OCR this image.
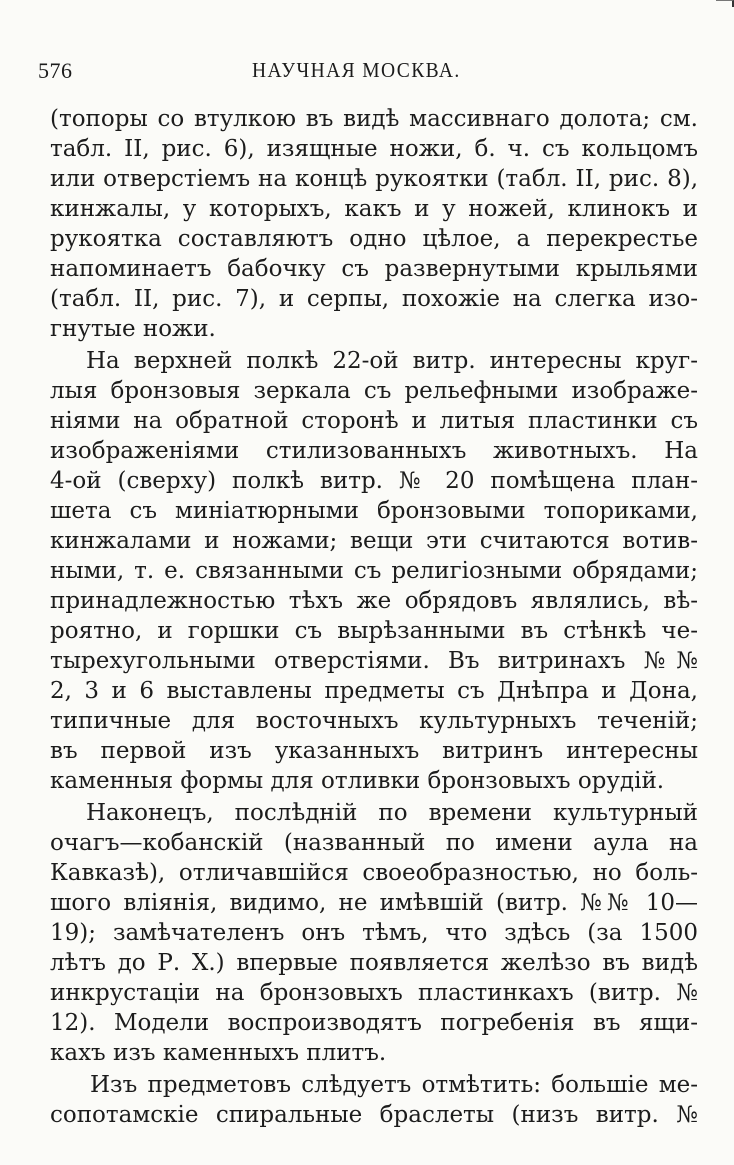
576	НАУЧНАЯ МОСКВА.
(топоры со втулкою въ видѣ массивнаго долота; см.
табл. II, рис. 6), изящные ножи, б. ч. съ кольцомъ
или отверстіемъ на концѣ рукоятки (табл. II, рис. 8),
кинжалы, у которыхъ, какъ и у ножей, клинокъ и
рукоятка составляютъ одно цѣлое, а перекрестье
напоминаетъ бабочку съ развернутыми крыльями
(табл. II, рис. 7), и серпы, похожіе на слегка изо-
гнутые ножи.
На верхней полкѣ 22-ой витр. интересны круг-
лыя бронзовыя зеркала съ рельефными изображе-
ніями на обратной сторонѣ и литыя пластинки съ
изображеніями стилизованныхъ животныхъ. На
4-ой (сверху) полкѣ витр. № 20 помѣщена план-
шета съ миніатюрными бронзовыми топориками,
кинжалами и ножами; вещи эти считаются вотив-
ными, т. е. связанными съ религіозными обрядами;
принадлежностью тѣхъ же обрядовъ являлись, вѣ-
роятно, и горшки съ вырѣзанными въ стѣнкѣ че-
тырехугольными отверстіями. Въ витринахъ №№
2, 3 и 6 выставлены предметы съ Днѣпра и Дона,
типичные для восточныхъ культурныхъ теченій;
въ первой изъ указанныхъ витринъ интересны
каменныя формы для отливки бронзовыхъ орудій.
Наконецъ, послѣдній по времени культурный
очагъ—кобанскій (названный по имени аула на
Кавказѣ), отличавшійся своеобразностью, но боль-
шого вліянія, видимо, не имѣвшій (витр. №№ 10—
19); замѣчателенъ онъ тѣмъ, что здѣсь (за 1500
лѣтъ до Р. Х.) впервые появляется желѣзо въ видѣ
инкрустаціи на бронзовыхъ пластинкахъ (витр. №
12). Модели воспроизводятъ погребенія въ ящи-
кахъ изъ каменныхъ плитъ.
Изъ предметовъ слѣдуетъ отмѣтить: большіе ме-
сопотамскіе спиральные браслеты (низъ витр. №
